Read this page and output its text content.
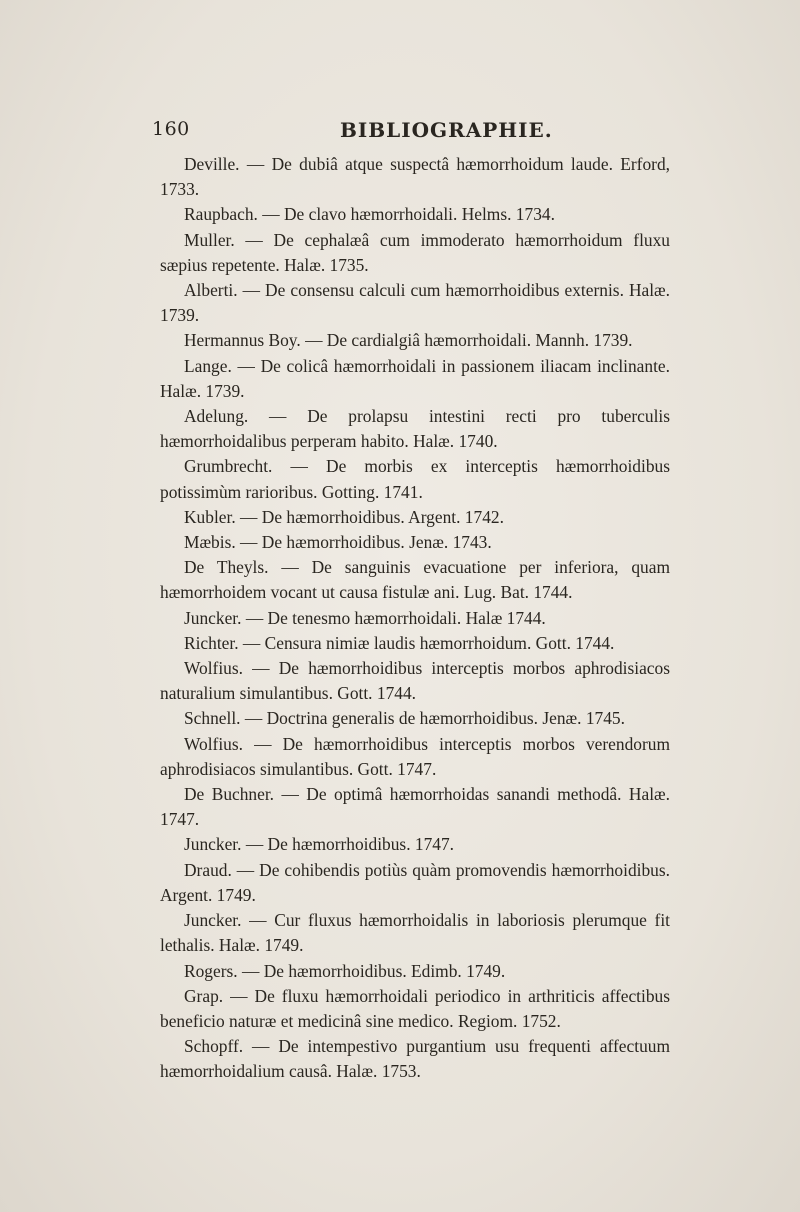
160	BIBLIOGRAPHIE.

Deville. — De dubiâ atque suspectâ hæmorrhoidum laude. Erford, 1733.

Raupbach. — De clavo hæmorrhoidali. Helms. 1734.

Muller. — De cephalæâ cum immoderato hæmorrhoidum fluxu sæpius repetente. Halæ. 1735.

Alberti. — De consensu calculi cum hæmorrhoidibus externis. Halæ. 1739.

Hermannus Boy. — De cardialgiâ hæmorrhoidali. Mannh. 1739.

Lange. — De colicâ hæmorrhoidali in passionem iliacam inclinante. Halæ. 1739.

Adelung. — De prolapsu intestini recti pro tuberculis hæmorrhoidalibus perperam habito. Halæ. 1740.

Grumbrecht. — De morbis ex interceptis hæmorrhoidibus potissimùm rarioribus. Gotting. 1741.

Kubler. — De hæmorrhoidibus. Argent. 1742.

Mæbis. — De hæmorrhoidibus. Jenæ. 1743.

De Theyls. — De sanguinis evacuatione per inferiora, quam hæmorrhoidem vocant ut causa fistulæ ani. Lug. Bat. 1744.

Juncker. — De tenesmo hæmorrhoidali. Halæ 1744.

Richter. — Censura nimiæ laudis hæmorrhoidum. Gott. 1744.

Wolfius. — De hæmorrhoidibus interceptis morbos aphrodisiacos naturalium simulantibus. Gott. 1744.

Schnell. — Doctrina generalis de hæmorrhoidibus. Jenæ. 1745.

Wolfius. — De hæmorrhoidibus interceptis morbos verendorum aphrodisiacos simulantibus. Gott. 1747.

De Buchner. — De optimâ hæmorrhoidas sanandi methodâ. Halæ. 1747.

Juncker. — De hæmorrhoidibus. 1747.

Draud. — De cohibendis potiùs quàm promovendis hæmorrhoidibus. Argent. 1749.

Juncker. — Cur fluxus hæmorrhoidalis in laboriosis plerumque fit lethalis. Halæ. 1749.

Rogers. — De hæmorrhoidibus. Edimb. 1749.

Grap. — De fluxu hæmorrhoidali periodico in arthriticis affectibus beneficio naturæ et medicinâ sine medico. Regiom. 1752.

Schopff. — De intempestivo purgantium usu frequenti affectuum hæmorrhoidalium causâ. Halæ. 1753.
